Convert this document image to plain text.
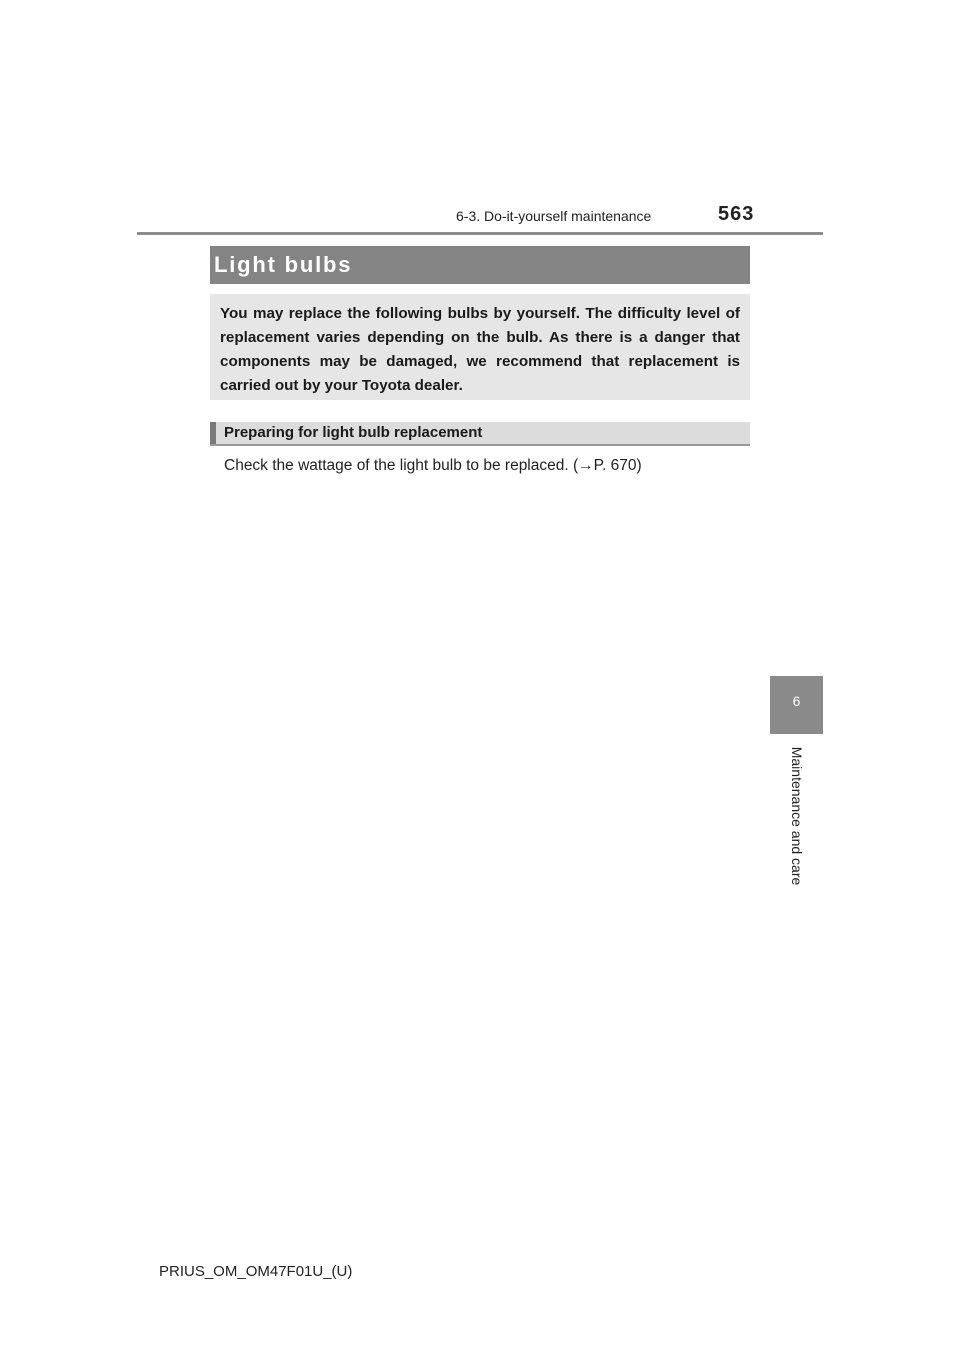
6-3. Do-it-yourself maintenance	563
Light bulbs

You may replace the following bulbs by yourself. The difficulty level of replacement varies depending on the bulb. As there is a danger that components may be damaged, we recommend that replacement is carried out by your Toyota dealer.

Preparing for light bulb replacement
Check the wattage of the light bulb to be replaced. (→P. 670)
6
Maintenance and care
PRIUS_OM_OM47F01U_(U)
